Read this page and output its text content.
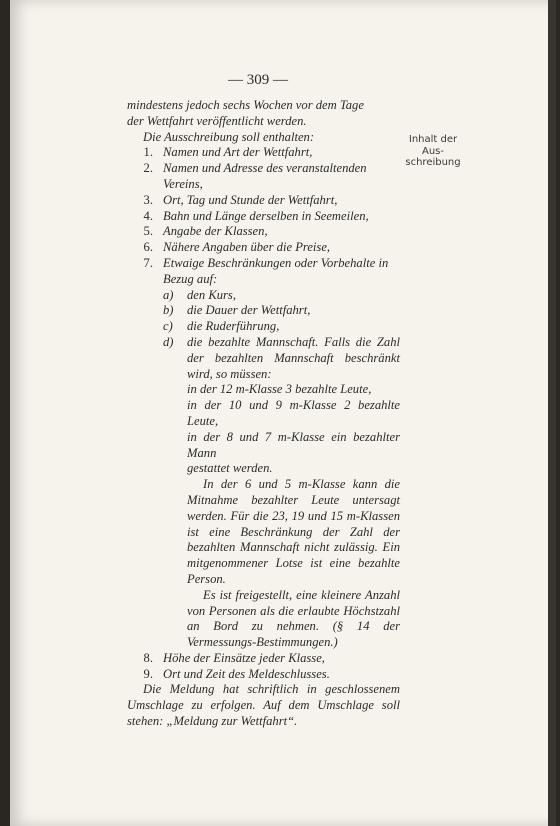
— 309 —
Inhalt der
Aus-
schreibung
mindestens jedoch sechs Wochen vor dem Tage
der Wettfahrt veröffentlicht werden.
Die Ausschreibung soll enthalten:
1. Namen und Art der Wettfahrt,
2. Namen und Adresse des veranstaltenden Vereins,
3. Ort, Tag und Stunde der Wettfahrt,
4. Bahn und Länge derselben in Seemeilen,
5. Angabe der Klassen,
6. Nähere Angaben über die Preise,
7. Etwaige Beschränkungen oder Vorbehalte in Bezug auf:
a)	den Kurs,
b)	die Dauer der Wettfahrt,
c)	die Ruderführung,
d)	die bezahlte Mannschaft. Falls die Zahl der bezahlten Mannschaft beschränkt wird, so müssen:
in der 12 m-Klasse 3 bezahlte Leute,
in der 10 und 9 m-Klasse 2 bezahlte Leute,
in der 8 und 7 m-Klasse ein bezahlter Mann
gestattet werden.
In der 6 und 5 m-Klasse kann die Mitnahme bezahlter Leute untersagt werden. Für die 23, 19 und 15 m-Klassen ist eine Beschränkung der Zahl der bezahlten Mannschaft nicht zulässig. Ein mitgenommener Lotse ist eine bezahlte Person.
Es ist freigestellt, eine kleinere Anzahl von Personen als die erlaubte Höchstzahl an Bord zu nehmen. (§ 14 der Vermessungs-Bestimmungen.)
8. Höhe der Einsätze jeder Klasse,
9. Ort und Zeit des Meldeschlusses.
Die Meldung hat schriftlich in geschlossenem Umschlage zu erfolgen. Auf dem Umschlage soll stehen: „Meldung zur Wettfahrt“.
